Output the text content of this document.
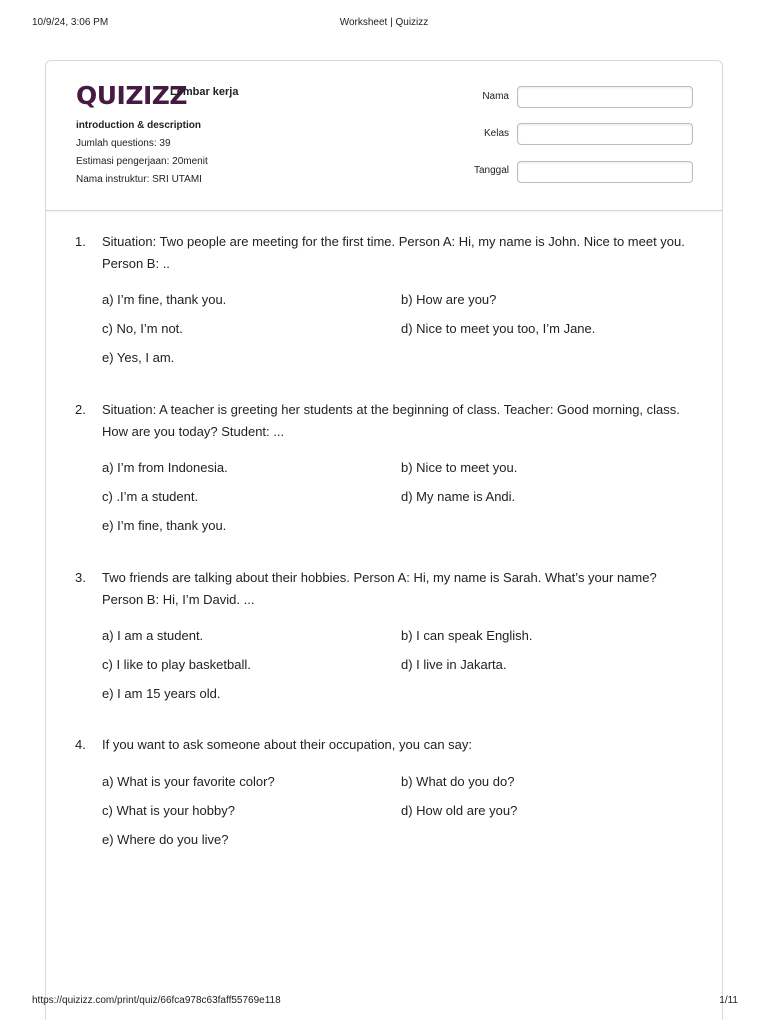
10/9/24, 3:06 PM	Worksheet | Quizizz
QUIZIZZ
Lembar kerja
introduction & description
Jumlah questions: 39
Estimasi pengerjaan: 20menit
Nama instruktur: SRI UTAMI
Nama
Kelas
Tanggal
1. Situation: Two people are meeting for the first time. Person A: Hi, my name is John. Nice to meet you. Person B: ..
a) I’m fine, thank you.	b) How are you?
c) No, I’m not.	d) Nice to meet you too, I’m Jane.
e) Yes, I am.
2. Situation: A teacher is greeting her students at the beginning of class. Teacher: Good morning, class. How are you today? Student: ...
a) I’m from Indonesia.	b) Nice to meet you.
c) .I’m a student.	d) My name is Andi.
e) I’m fine, thank you.
3. Two friends are talking about their hobbies. Person A: Hi, my name is Sarah. What’s your name? Person B: Hi, I’m David. ...
a) I am a student.	b) I can speak English.
c) I like to play basketball.	d) I live in Jakarta.
e) I am 15 years old.
4. If you want to ask someone about their occupation, you can say:
a) What is your favorite color?	b) What do you do?
c) What is your hobby?	d) How old are you?
e) Where do you live?
https://quizizz.com/print/quiz/66fca978c63faff55769e118	1/11
